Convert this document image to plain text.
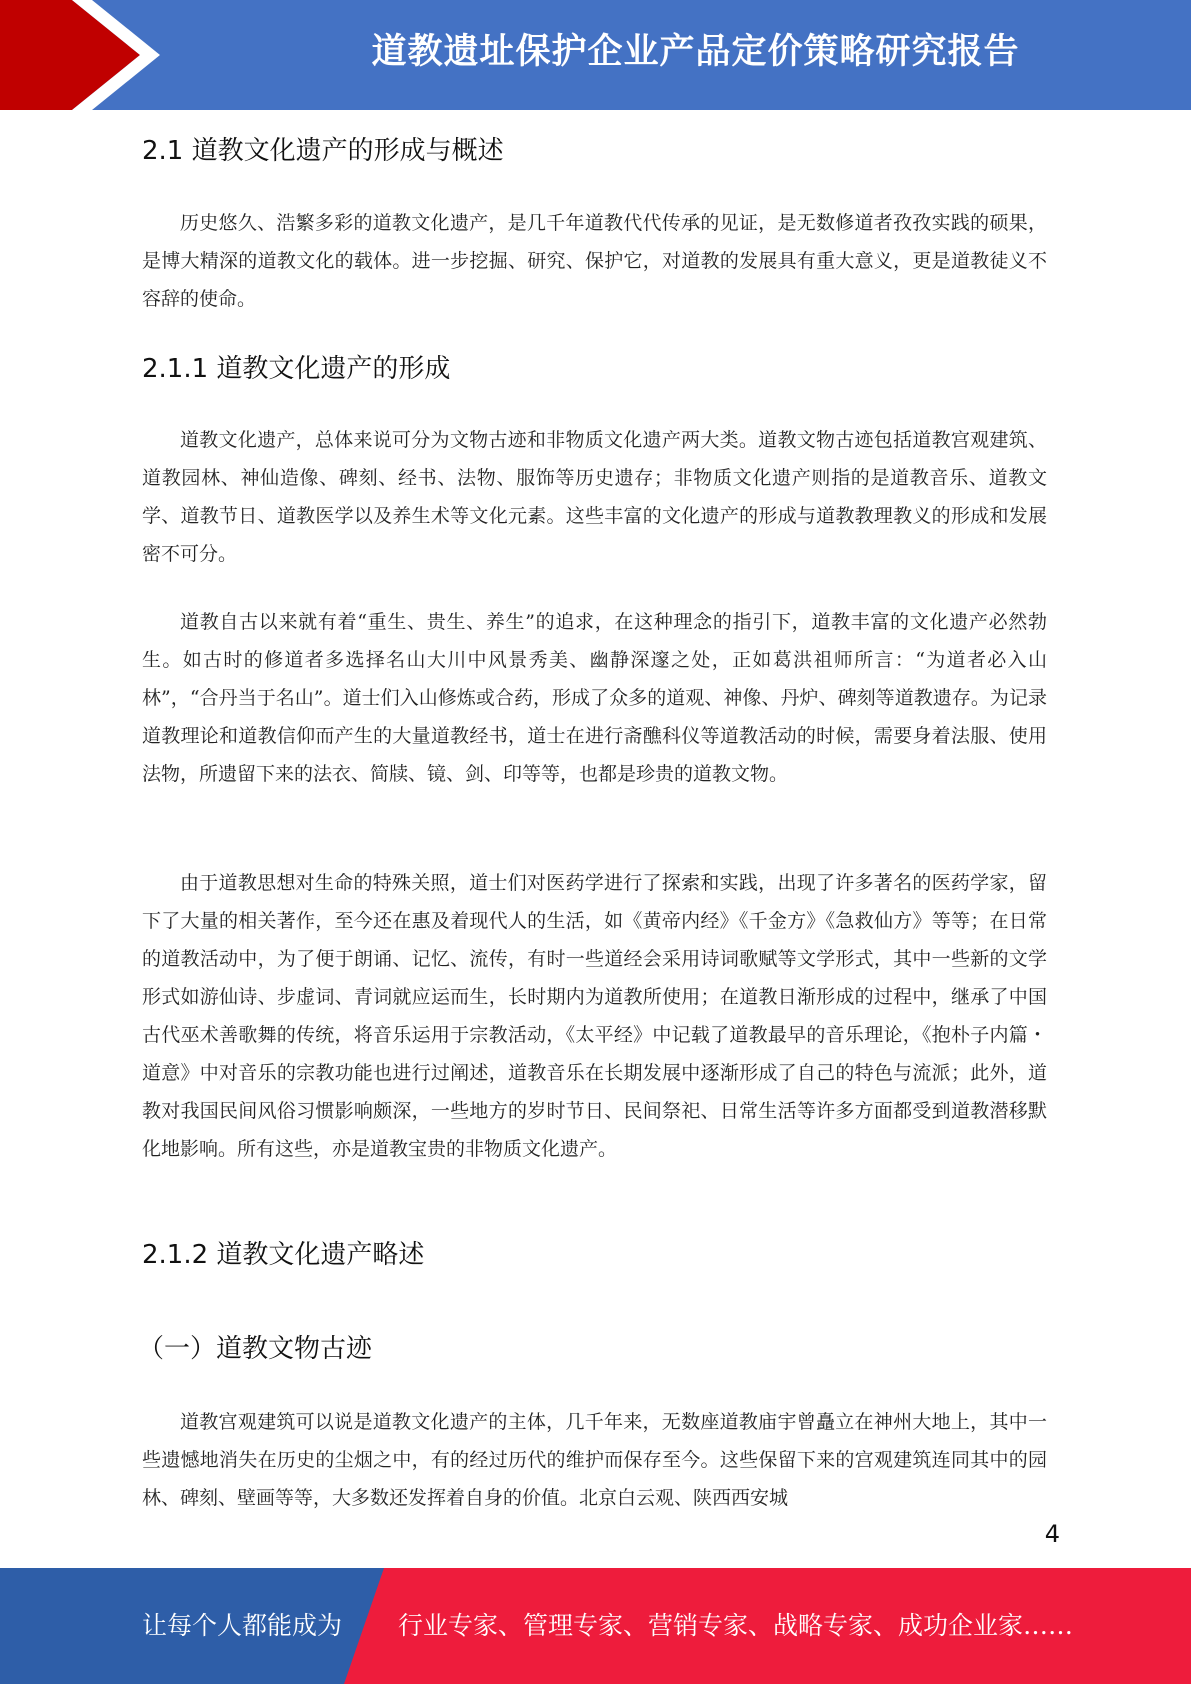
道教遗址保护企业产品定价策略研究报告
2.1 道教文化遗产的形成与概述

历史悠久、浩繁多彩的道教文化遗产，是几千年道教代代传承的见证，是无数修道者孜孜实践的硕果，是博大精深的道教文化的载体。进一步挖掘、研究、保护它，对道教的发展具有重大意义，更是道教徒义不容辞的使命。

2.1.1 道教文化遗产的形成

道教文化遗产，总体来说可分为文物古迹和非物质文化遗产两大类。道教文物古迹包括道教宫观建筑、道教园林、神仙造像、碑刻、经书、法物、服饰等历史遗存；非物质文化遗产则指的是道教音乐、道教文学、道教节日、道教医学以及养生术等文化元素。这些丰富的文化遗产的形成与道教教理教义的形成和发展密不可分。

道教自古以来就有着“重生、贵生、养生”的追求，在这种理念的指引下，道教丰富的文化遗产必然勃生。如古时的修道者多选择名山大川中风景秀美、幽静深邃之处，正如葛洪祖师所言：“为道者必入山林”，“合丹当于名山”。道士们入山修炼或合药，形成了众多的道观、神像、丹炉、碑刻等道教遗存。为记录道教理论和道教信仰而产生的大量道教经书，道士在进行斋醮科仪等道教活动的时候，需要身着法服、使用法物，所遗留下来的法衣、简牍、镜、剑、印等等，也都是珍贵的道教文物。

由于道教思想对生命的特殊关照，道士们对医药学进行了探索和实践，出现了许多著名的医药学家，留下了大量的相关著作，至今还在惠及着现代人的生活，如《黄帝内经》《千金方》《急救仙方》等等；在日常的道教活动中，为了便于朗诵、记忆、流传，有时一些道经会采用诗词歌赋等文学形式，其中一些新的文学形式如游仙诗、步虚词、青词就应运而生，长时期内为道教所使用；在道教日渐形成的过程中，继承了中国古代巫术善歌舞的传统，将音乐运用于宗教活动，《太平经》中记载了道教最早的音乐理论，《抱朴子内篇・道意》中对音乐的宗教功能也进行过阐述，道教音乐在长期发展中逐渐形成了自己的特色与流派；此外，道教对我国民间风俗习惯影响颇深，一些地方的岁时节日、民间祭祀、日常生活等许多方面都受到道教潜移默化地影响。所有这些，亦是道教宝贵的非物质文化遗产。

2.1.2 道教文化遗产略述
（一）道教文物古迹

道教宫观建筑可以说是道教文化遗产的主体，几千年来，无数座道教庙宇曾矗立在神州大地上，其中一些遗憾地消失在历史的尘烟之中，有的经过历代的维护而保存至今。这些保留下来的宫观建筑连同其中的园林、碑刻、壁画等等，大多数还发挥着自身的价值。北京白云观、陕西西安城

4
让每个人都能成为 行业专家、管理专家、营销专家、战略专家、成功企业家……
